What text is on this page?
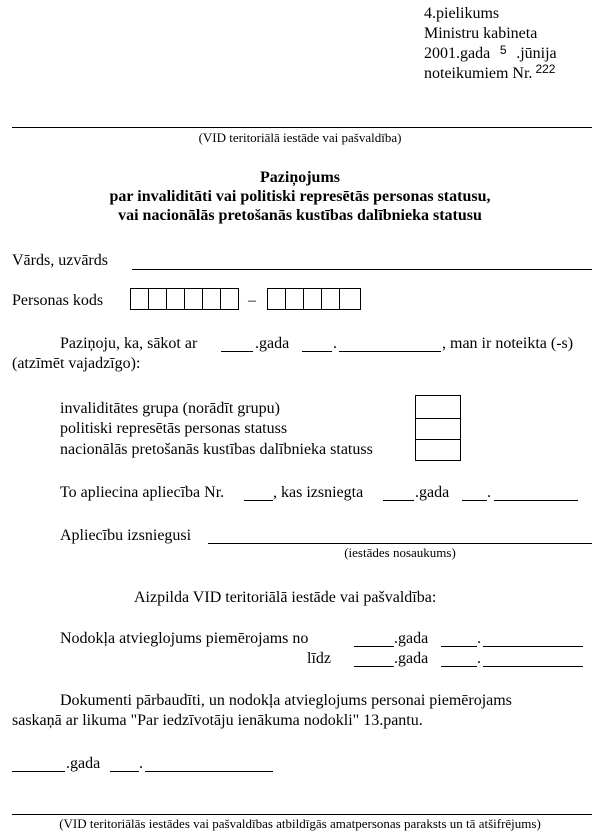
4.pielikums
Ministru kabineta
2001.gada 5 .jūnija
noteikumiem Nr. $^{222}$
(VID teritoriālā iestāde vai pašvaldība)
Paziņojums
par invaliditāti vai politiski represētās personas statusu,
vai nacionālās pretošanās kustības dalībnieka statusu
Vārds, uzvārds
Personas kods	–
Paziņoju, ka, sākot ar	.gada	.	, man ir noteikta (-s)
(atzīmēt vajadzīgo):
invaliditātes grupa (norādīt grupu)
politiski represētās personas statuss
nacionālās pretošanās kustības dalībnieka statuss
To apliecina apliecība Nr.	, kas izsniegta	.gada .
Apliecību izsniegusi
(iestādes nosaukums)
Aizpilda VID teritoriālā iestāde vai pašvaldība:
Nodokļa atvieglojums piemērojams no	.gada	.
līdz	.gada	.
Dokumenti pārbaudīti, un nodokļa atvieglojums personai piemērojams
saskaņā ar likuma "Par iedzīvotāju ienākuma nodokli" 13.pantu.
.gada .
(VID teritoriālās iestādes vai pašvaldības atbildīgās amatpersonas paraksts un tā atšifrējums)
